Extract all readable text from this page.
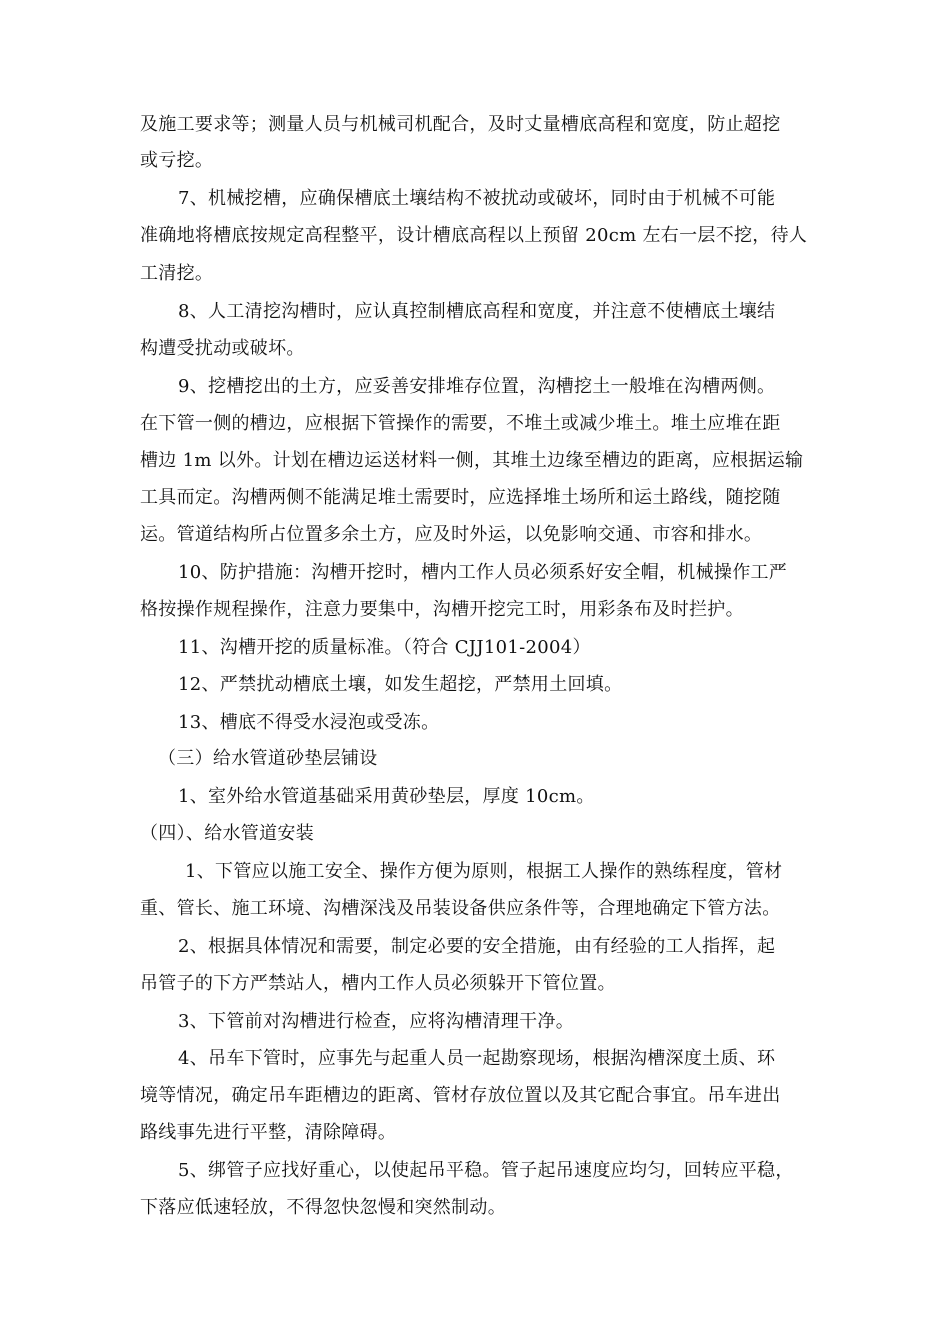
及施工要求等；测量人员与机械司机配合，及时丈量槽底高程和宽度，防止超挖
或亏挖。
7、机械挖槽，应确保槽底土壤结构不被扰动或破坏，同时由于机械不可能
准确地将槽底按规定高程整平，设计槽底高程以上预留 20cm 左右一层不挖，待人
工清挖。
8、人工清挖沟槽时，应认真控制槽底高程和宽度，并注意不使槽底土壤结
构遭受扰动或破坏。
9、挖槽挖出的土方，应妥善安排堆存位置，沟槽挖土一般堆在沟槽两侧。
在下管一侧的槽边，应根据下管操作的需要，不堆土或减少堆土。堆土应堆在距
槽边 1m 以外。计划在槽边运送材料一侧，其堆土边缘至槽边的距离，应根据运输
工具而定。沟槽两侧不能满足堆土需要时，应选择堆土场所和运土路线，随挖随
运。管道结构所占位置多余土方，应及时外运，以免影响交通、市容和排水。
10、防护措施：沟槽开挖时，槽内工作人员必须系好安全帽，机械操作工严
格按操作规程操作，注意力要集中，沟槽开挖完工时，用彩条布及时拦护。
11、沟槽开挖的质量标准。（符合 CJJ101-2004）
12、严禁扰动槽底土壤，如发生超挖，严禁用土回填。
13、槽底不得受水浸泡或受冻。
（三）给水管道砂垫层铺设
1、室外给水管道基础采用黄砂垫层，厚度 10cm。
（四）、给水管道安装
1、下管应以施工安全、操作方便为原则，根据工人操作的熟练程度，管材
重、管长、施工环境、沟槽深浅及吊装设备供应条件等，合理地确定下管方法。
2、根据具体情况和需要，制定必要的安全措施，由有经验的工人指挥，起
吊管子的下方严禁站人，槽内工作人员必须躲开下管位置。
3、下管前对沟槽进行检查，应将沟槽清理干净。
4、吊车下管时，应事先与起重人员一起勘察现场，根据沟槽深度土质、环
境等情况，确定吊车距槽边的距离、管材存放位置以及其它配合事宜。吊车进出
路线事先进行平整，清除障碍。
5、绑管子应找好重心，以使起吊平稳。管子起吊速度应均匀，回转应平稳，
下落应低速轻放，不得忽快忽慢和突然制动。
